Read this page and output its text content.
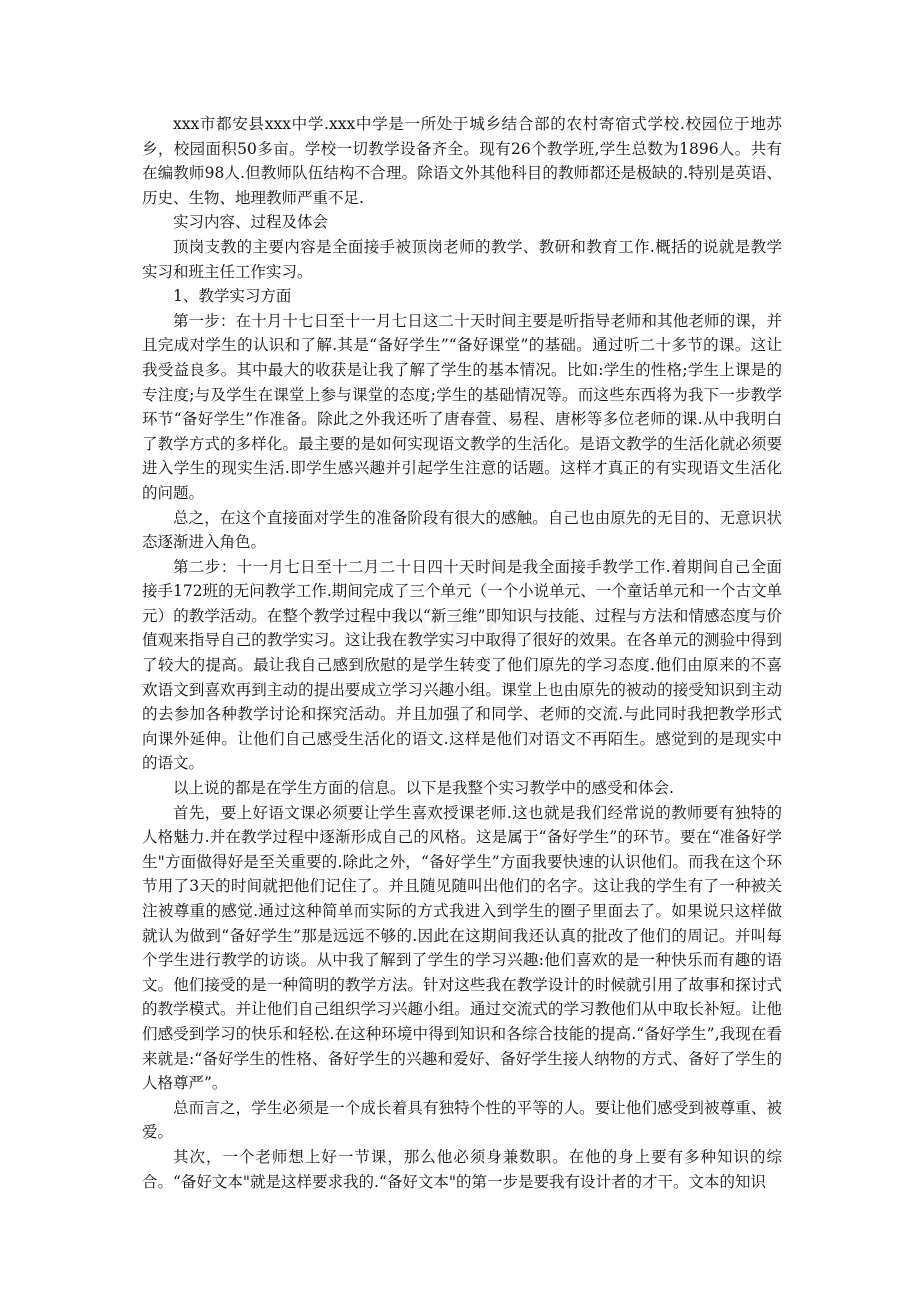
xxx市都安县xxx中学.xxx中学是一所处于城乡结合部的农村寄宿式学校.校园位于地苏乡，校园面积50多亩。学校一切教学设备齐全。现有26个教学班,学生总数为1896人。共有在编教师98人.但教师队伍结构不合理。除语文外其他科目的教师都还是极缺的.特别是英语、历史、生物、地理教师严重不足.

实习内容、过程及体会

顶岗支教的主要内容是全面接手被顶岗老师的教学、教研和教育工作.概括的说就是教学实习和班主任工作实习。

1、教学实习方面

第一步：在十月十七日至十一月七日这二十天时间主要是听指导老师和其他老师的课，并且完成对学生的认识和了解.其是“备好学生”“备好课堂”的基础。通过听二十多节的课。这让我受益良多。其中最大的收获是让我了解了学生的基本情况。比如:学生的性格;学生上课是的专注度;与及学生在课堂上参与课堂的态度;学生的基础情况等。而这些东西将为我下一步教学环节“备好学生”作准备。除此之外我还听了唐春萱、易程、唐彬等多位老师的课.从中我明白了教学方式的多样化。最主要的是如何实现语文教学的生活化。是语文教学的生活化就必须要进入学生的现实生活.即学生感兴趣并引起学生注意的话题。这样才真正的有实现语文生活化的问题。

总之，在这个直接面对学生的准备阶段有很大的感触。自己也由原先的无目的、无意识状态逐渐进入角色。

第二步：十一月七日至十二月二十日四十天时间是我全面接手教学工作.着期间自己全面接手172班的无问教学工作.期间完成了三个单元（一个小说单元、一个童话单元和一个古文单元）的教学活动。在整个教学过程中我以“新三维”即知识与技能、过程与方法和情感态度与价值观来指导自己的教学实习。这让我在教学实习中取得了很好的效果。在各单元的测验中得到了较大的提高。最让我自己感到欣慰的是学生转变了他们原先的学习态度.他们由原来的不喜欢语文到喜欢再到主动的提出要成立学习兴趣小组。课堂上也由原先的被动的接受知识到主动的去参加各种教学讨论和探究活动。并且加强了和同学、老师的交流.与此同时我把教学形式向课外延伸。让他们自己感受生活化的语文.这样是他们对语文不再陌生。感觉到的是现实中的语文。

以上说的都是在学生方面的信息。以下是我整个实习教学中的感受和体会.

首先，要上好语文课必须要让学生喜欢授课老师.这也就是我们经常说的教师要有独特的人格魅力.并在教学过程中逐渐形成自己的风格。这是属于“备好学生”的环节。要在“准备好学生"方面做得好是至关重要的.除此之外，“备好学生”方面我要快速的认识他们。而我在这个环节用了3天的时间就把他们记住了。并且随见随叫出他们的名字。这让我的学生有了一种被关注被尊重的感觉.通过这种简单而实际的方式我进入到学生的圈子里面去了。如果说只这样做就认为做到“备好学生”那是远远不够的.因此在这期间我还认真的批改了他们的周记。并叫每个学生进行教学的访谈。从中我了解到了学生的学习兴趣:他们喜欢的是一种快乐而有趣的语文。他们接受的是一种简明的教学方法。针对这些我在教学设计的时候就引用了故事和探讨式的教学模式。并让他们自己组织学习兴趣小组。通过交流式的学习教他们从中取长补短。让他们感受到学习的快乐和轻松.在这种环境中得到知识和各综合技能的提高.“备好学生”,我现在看来就是:“备好学生的性格、备好学生的兴趣和爱好、备好学生接人纳物的方式、备好了学生的人格尊严”。

总而言之，学生必须是一个成长着具有独特个性的平等的人。要让他们感受到被尊重、被爱。

其次，一个老师想上好一节课，那么他必须身兼数职。在他的身上要有多种知识的综合。“备好文本"就是这样要求我的.“备好文本"的第一步是要我有设计者的才干。文本的知识
